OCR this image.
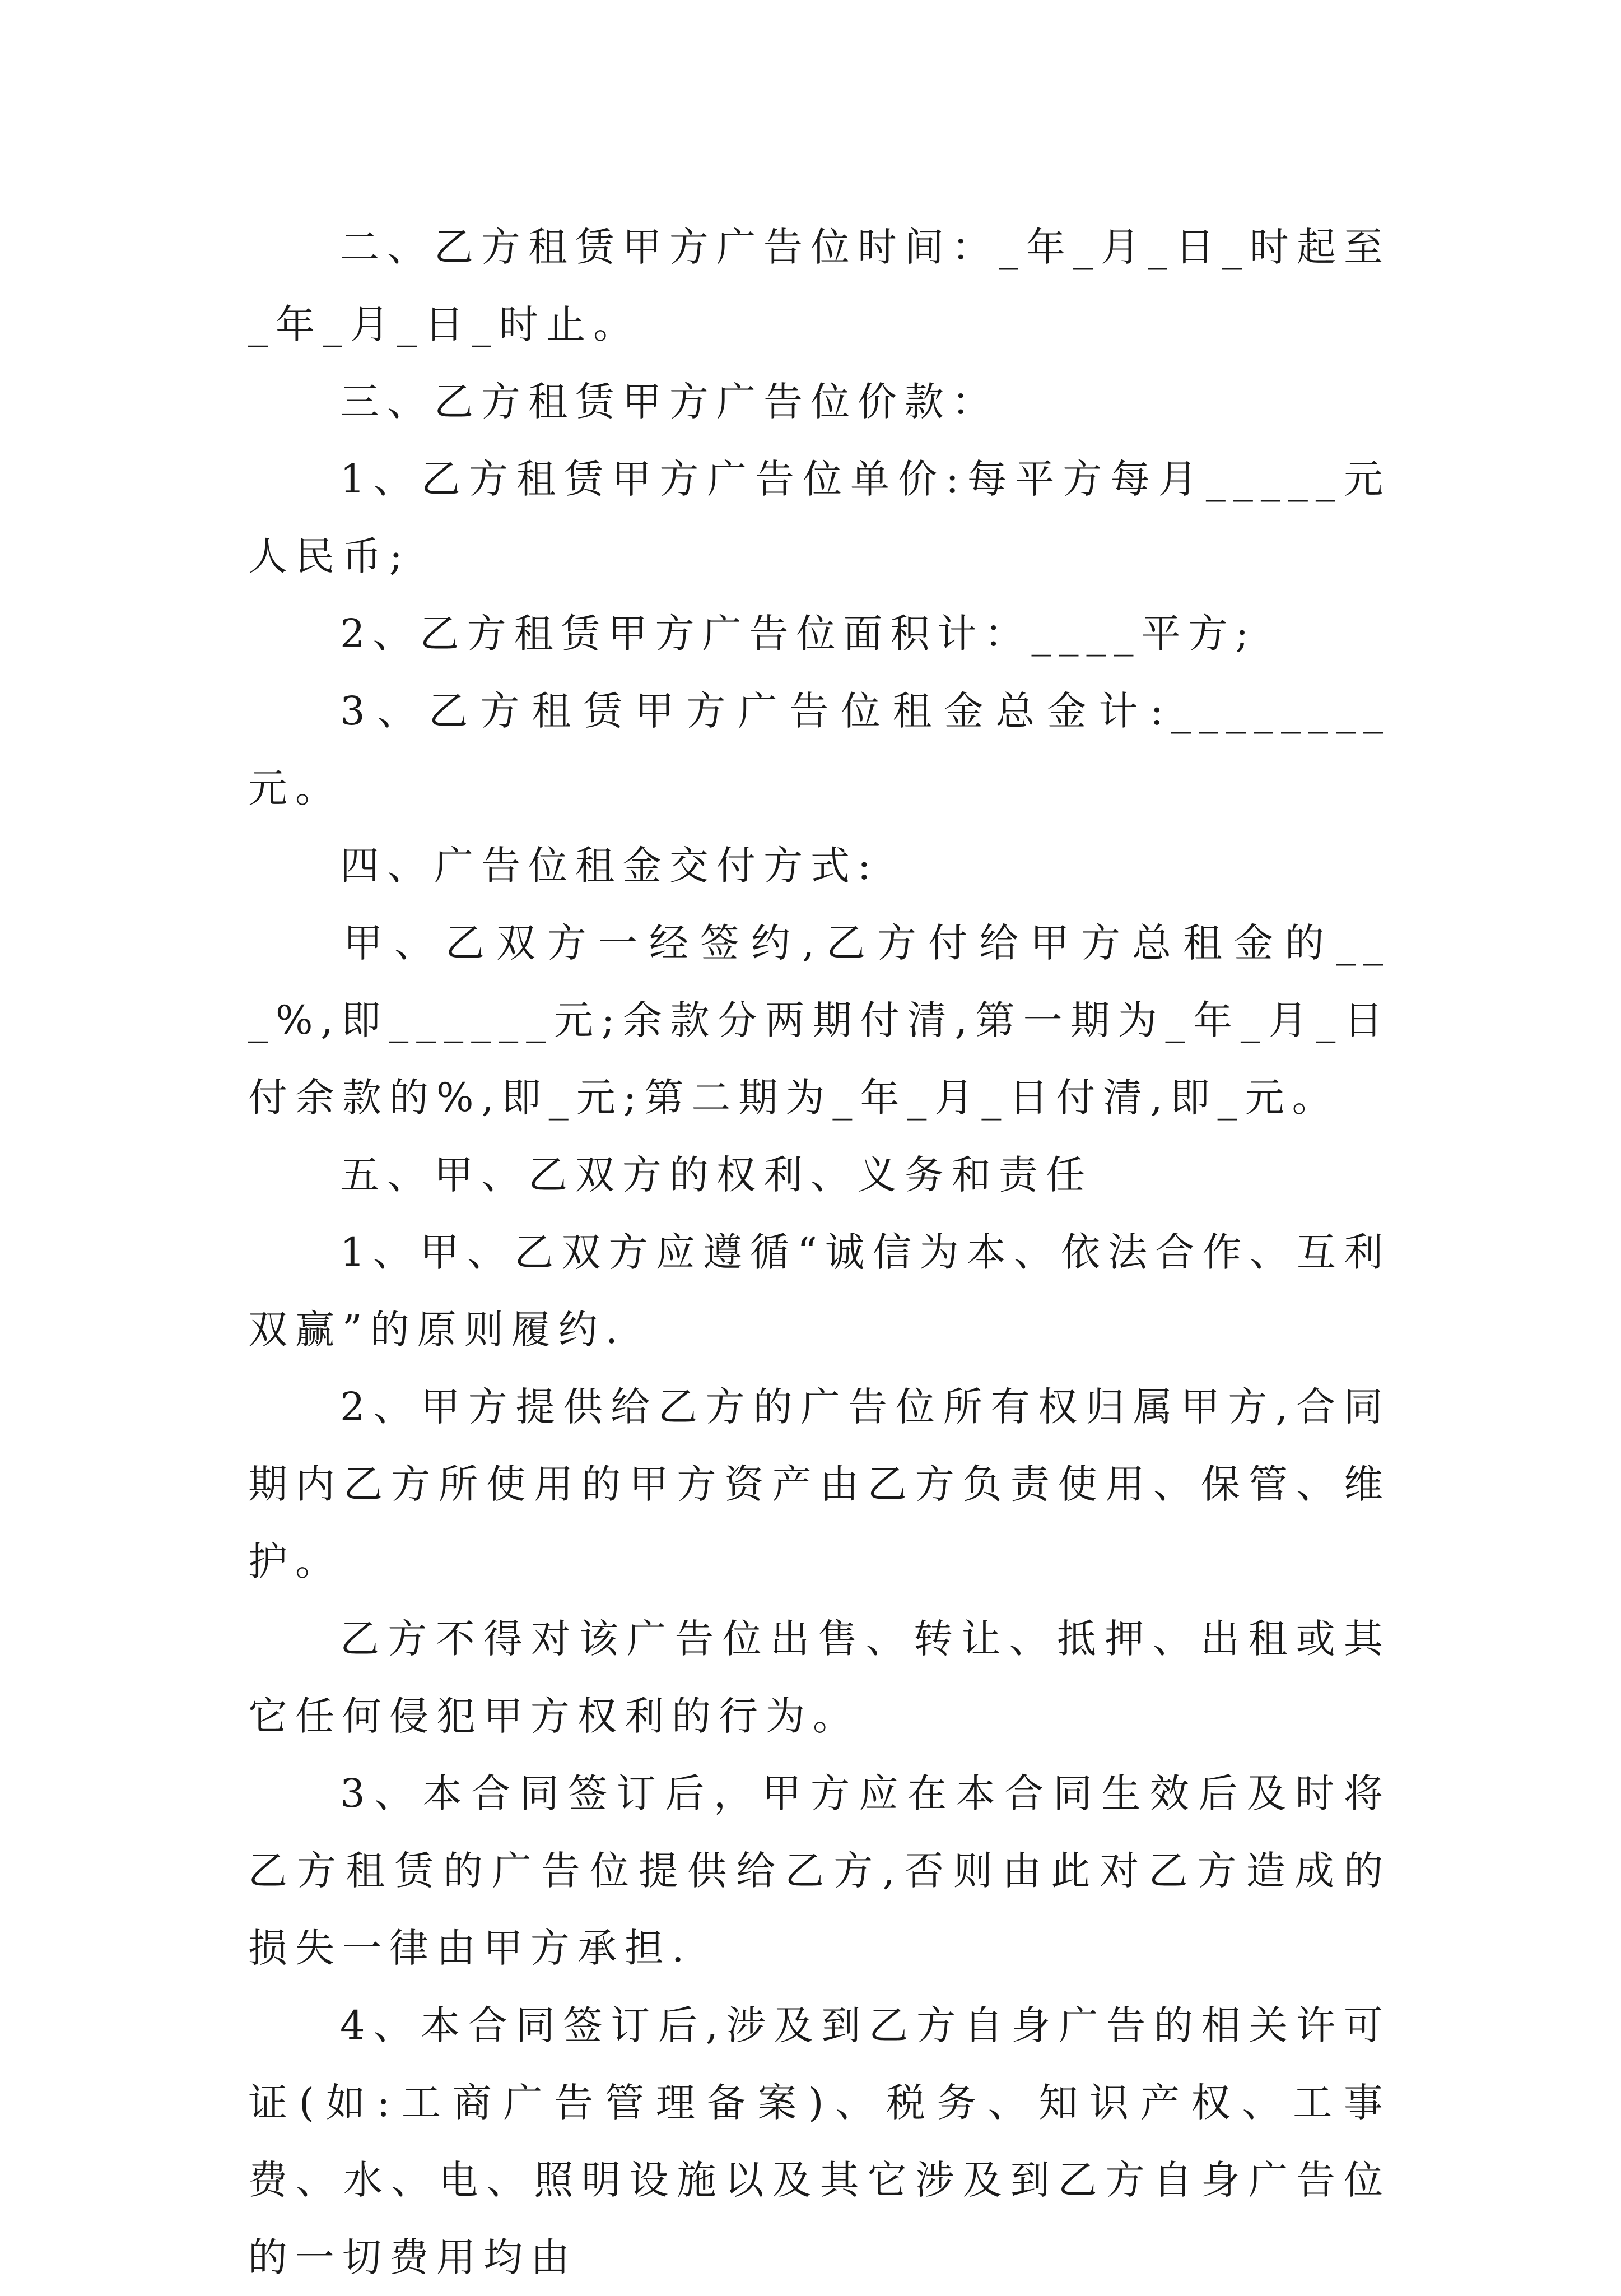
二、乙方租赁甲方广告位时间：_年_月_日_时起至_年_月_日_时止。

三、乙方租赁甲方广告位价款：

1、乙方租赁甲方广告位单价:每平方每月_____元人民币;

2、乙方租赁甲方广告位面积计：____平方;

3、乙方租赁甲方广告位租金总金计:________元。

四、广告位租金交付方式:

甲、乙双方一经签约,乙方付给甲方总租金的___%,即______元;余款分两期付清,第一期为_年_月_日付余款的%,即_元;第二期为_年_月_日付清,即_元。

五、甲、乙双方的权利、义务和责任

1、甲、乙双方应遵循“诚信为本、依法合作、互利双赢”的原则履约.

2、甲方提供给乙方的广告位所有权归属甲方,合同期内乙方所使用的甲方资产由乙方负责使用、保管、维护。

乙方不得对该广告位出售、转让、抵押、出租或其它任何侵犯甲方权利的行为。

3、本合同签订后，甲方应在本合同生效后及时将乙方租赁的广告位提供给乙方,否则由此对乙方造成的损失一律由甲方承担.

4、本合同签订后,涉及到乙方自身广告的相关许可证(如:工商广告管理备案)、税务、知识产权、工事费、水、电、照明设施以及其它涉及到乙方自身广告位的一切费用均由
